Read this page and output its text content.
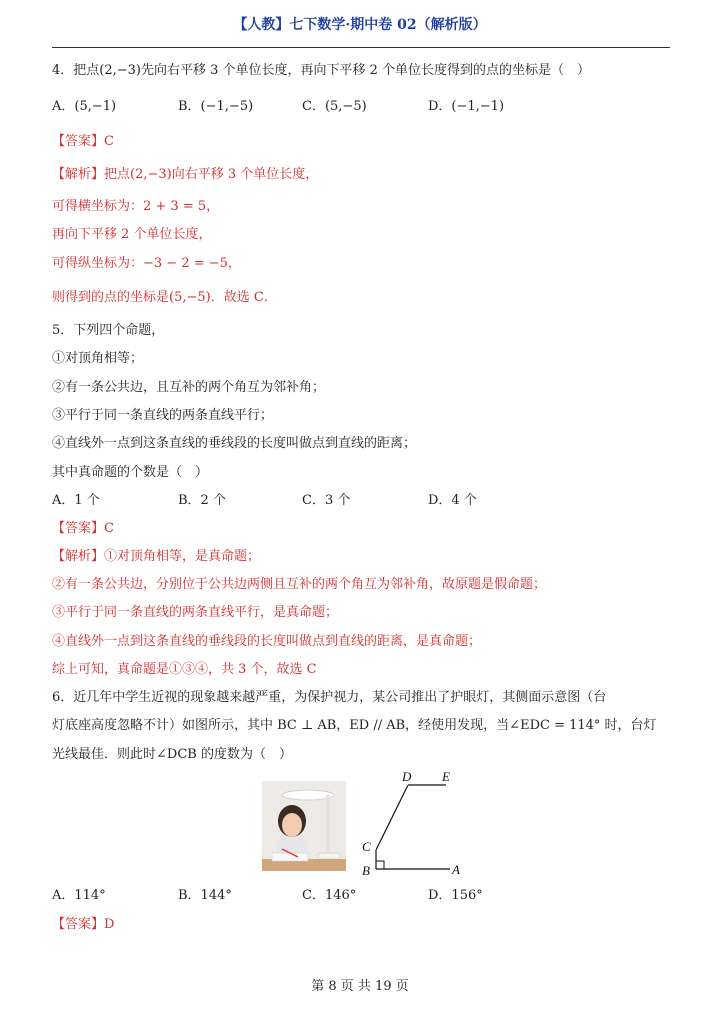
【人教】七下数学·期中卷 02（解析版）
4．把点(2,−3)先向右平移 3 个单位长度，再向下平移 2 个单位长度得到的点的坐标是（　）
A．(5,−1)	B．(−1,−5)	C．(5,−5)	D．(−1,−1)
【答案】C
【解析】把点(2,−3)向右平移 3 个单位长度，
可得横坐标为：2 + 3 = 5，
再向下平移 2 个单位长度，
可得纵坐标为：−3 − 2 = −5，
则得到的点的坐标是(5,−5)．故选 C．
5．下列四个命题，
①对顶角相等；
②有一条公共边，且互补的两个角互为邻补角；
③平行于同一条直线的两条直线平行；
④直线外一点到这条直线的垂线段的长度叫做点到直线的距离；
其中真命题的个数是（　）
A．1 个	B．2 个	C．3 个	D．4 个
【答案】C
【解析】①对顶角相等，是真命题；
②有一条公共边，分别位于公共边两侧且互补的两个角互为邻补角，故原题是假命题；
③平行于同一条直线的两条直线平行，是真命题；
④直线外一点到这条直线的垂线段的长度叫做点到直线的距离，是真命题；
综上可知，真命题是①③④，共 3 个，故选 C
6．近几年中学生近视的现象越来越严重，为保护视力，某公司推出了护眼灯，其侧面示意图（台
灯底座高度忽略不计）如图所示，其中 BC ⊥ AB，ED // AB，经使用发现，当∠EDC = 114° 时，台灯
光线最佳．则此时∠DCB 的度数为（　）
D E
C
B	A
A．114°	B．144°	C．146°	D．156°
【答案】D
第 8 页 共 19 页
